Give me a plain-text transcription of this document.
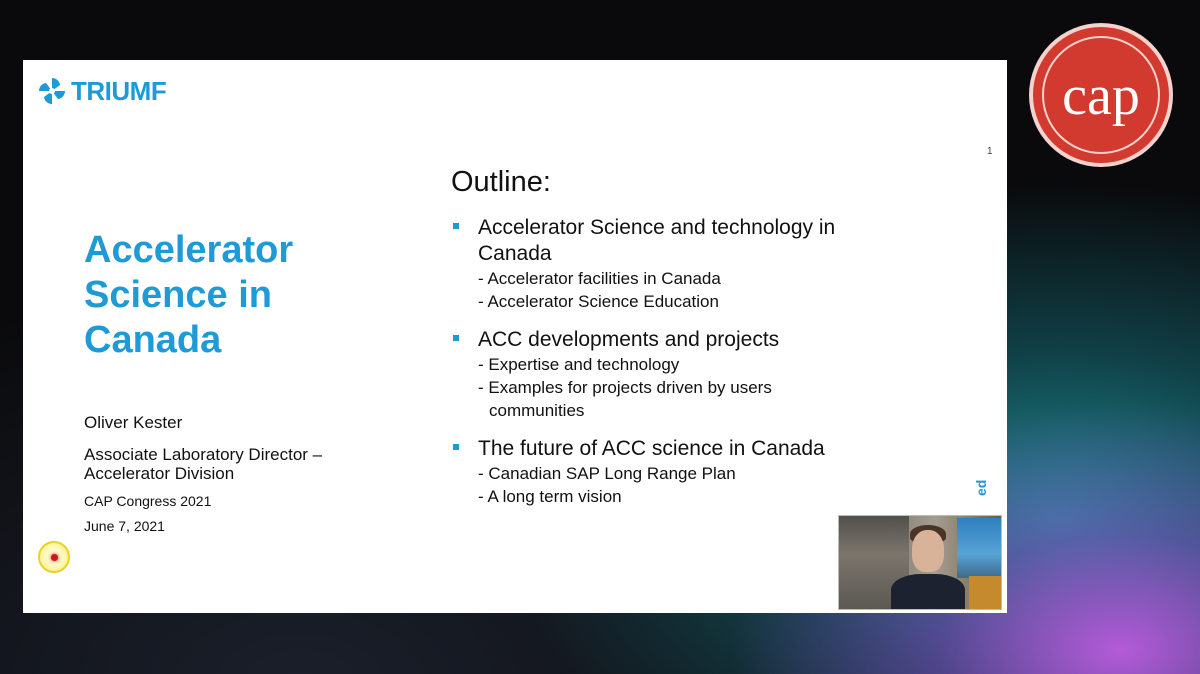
TRIUMF
1
Accelerator
Science in
Canada
Oliver Kester
Associate Laboratory Director –
Accelerator Division
CAP Congress 2021
June 7, 2021
Outline:
Accelerator Science and technology in Canada
- Accelerator facilities in Canada
- Accelerator Science Education
ACC developments and projects
- Expertise and technology
- Examples for projects driven by users
communities
The future of ACC science in Canada
- Canadian SAP Long Range Plan
- A long term vision	ed
cap
